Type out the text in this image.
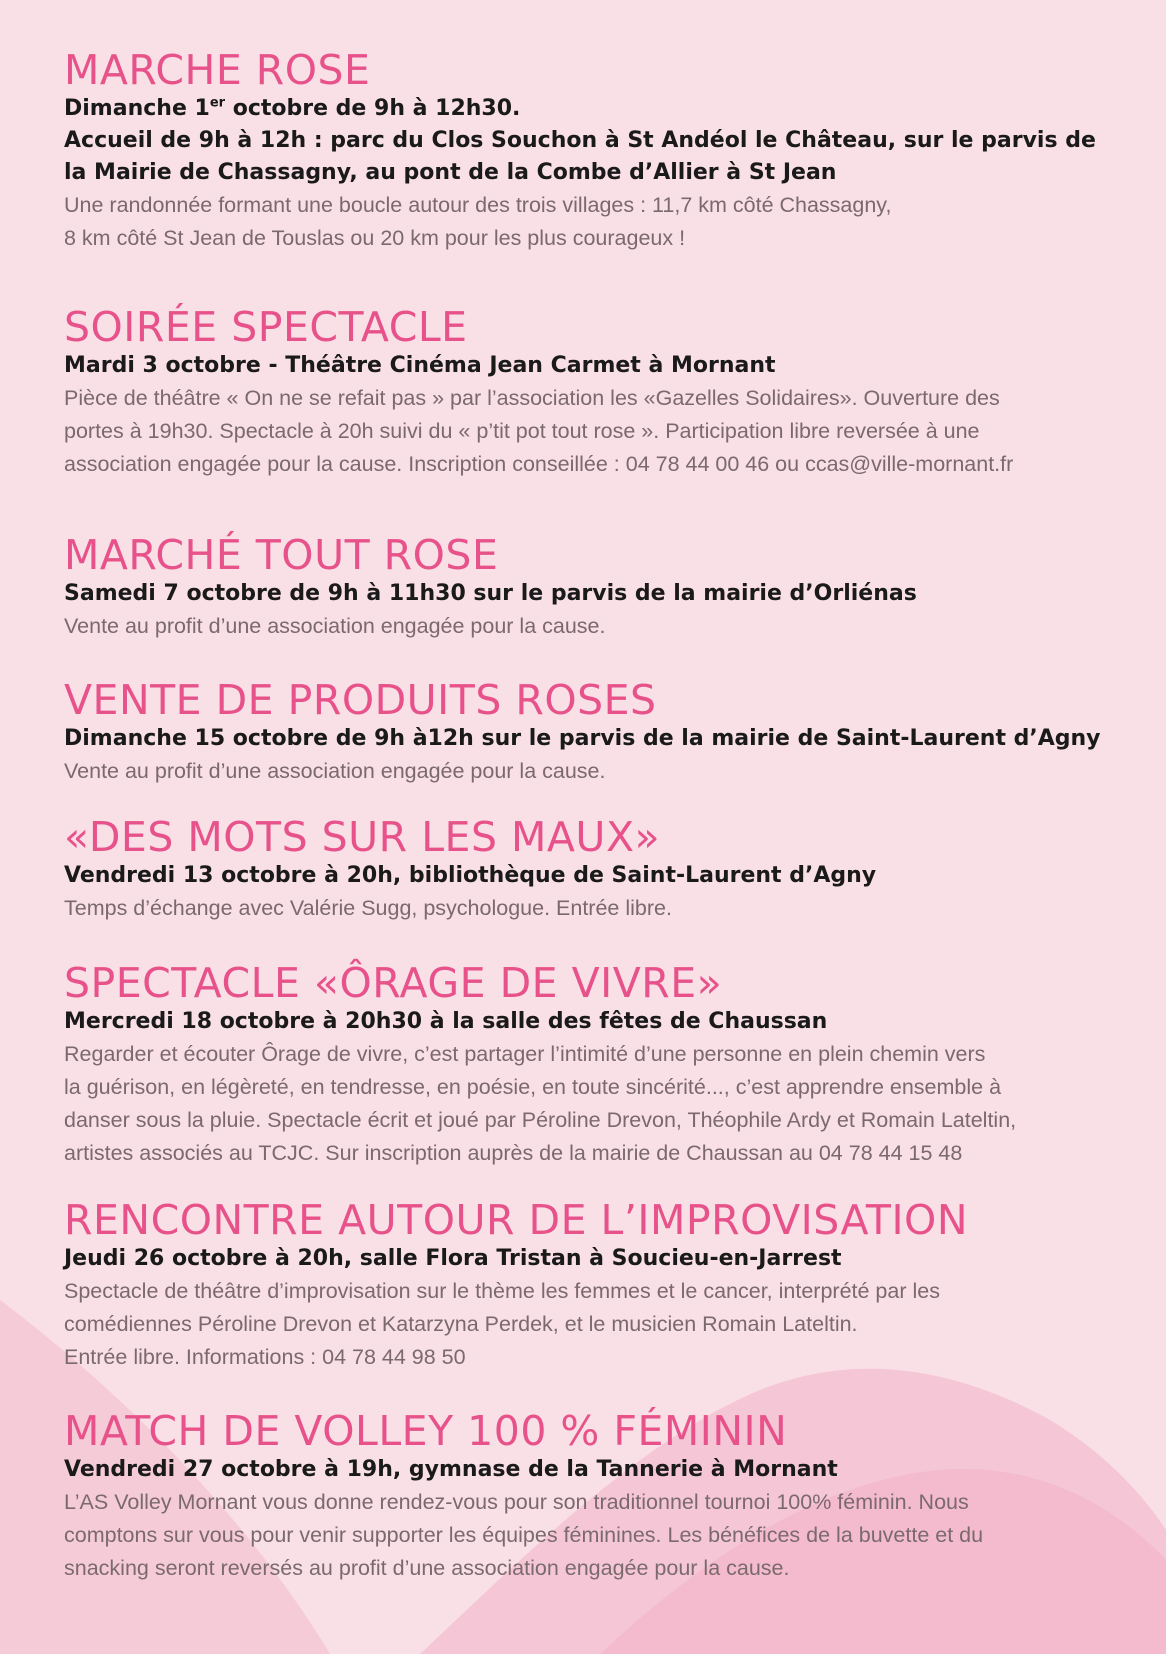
MARCHE ROSE

Dimanche 1er octobre de 9h à 12h30.

Accueil de 9h à 12h : parc du Clos Souchon à St Andéol le Château, sur le parvis de

la Mairie de Chassagny, au pont de la Combe d’Allier à St Jean

Une randonnée formant une boucle autour des trois villages : 11,7 km côté Chassagny,

8 km côté St Jean de Touslas ou 20 km pour les plus courageux !

SOIRÉE SPECTACLE

Mardi 3 octobre - Théâtre Cinéma Jean Carmet à Mornant

Pièce de théâtre « On ne se refait pas » par l’association les «Gazelles Solidaires». Ouverture des

portes à 19h30. Spectacle à 20h suivi du « p’tit pot tout rose ». Participation libre reversée à une

association engagée pour la cause. Inscription conseillée : 04 78 44 00 46 ou ccas@ville-mornant.fr

MARCHÉ TOUT ROSE

Samedi 7 octobre de 9h à 11h30 sur le parvis de la mairie d’Orliénas

Vente au profit d’une association engagée pour la cause.

VENTE DE PRODUITS ROSES

Dimanche 15 octobre de 9h à12h sur le parvis de la mairie de Saint-Laurent d’Agny

Vente au profit d’une association engagée pour la cause.

«DES MOTS SUR LES MAUX»

Vendredi 13 octobre à 20h, bibliothèque de Saint-Laurent d’Agny

Temps d’échange avec Valérie Sugg, psychologue. Entrée libre.

SPECTACLE «ÔRAGE DE VIVRE»

Mercredi 18 octobre à 20h30 à la salle des fêtes de Chaussan

Regarder et écouter Ôrage de vivre, c’est partager l’intimité d’une personne en plein chemin vers

la guérison, en légèreté, en tendresse, en poésie, en toute sincérité..., c’est apprendre ensemble à

danser sous la pluie. Spectacle écrit et joué par Péroline Drevon, Théophile Ardy et Romain Lateltin,

artistes associés au TCJC. Sur inscription auprès de la mairie de Chaussan au 04 78 44 15 48

RENCONTRE AUTOUR DE L’IMPROVISATION

Jeudi 26 octobre à 20h, salle Flora Tristan à Soucieu-en-Jarrest

Spectacle de théâtre d’improvisation sur le thème les femmes et le cancer, interprété par les

comédiennes Péroline Drevon et Katarzyna Perdek, et le musicien Romain Lateltin.

Entrée libre. Informations : 04 78 44 98 50

MATCH DE VOLLEY 100 % FÉMININ

Vendredi 27 octobre à 19h, gymnase de la Tannerie à Mornant

L’AS Volley Mornant vous donne rendez-vous pour son traditionnel tournoi 100% féminin. Nous

comptons sur vous pour venir supporter les équipes féminines. Les bénéfices de la buvette et du

snacking seront reversés au profit d’une association engagée pour la cause.
